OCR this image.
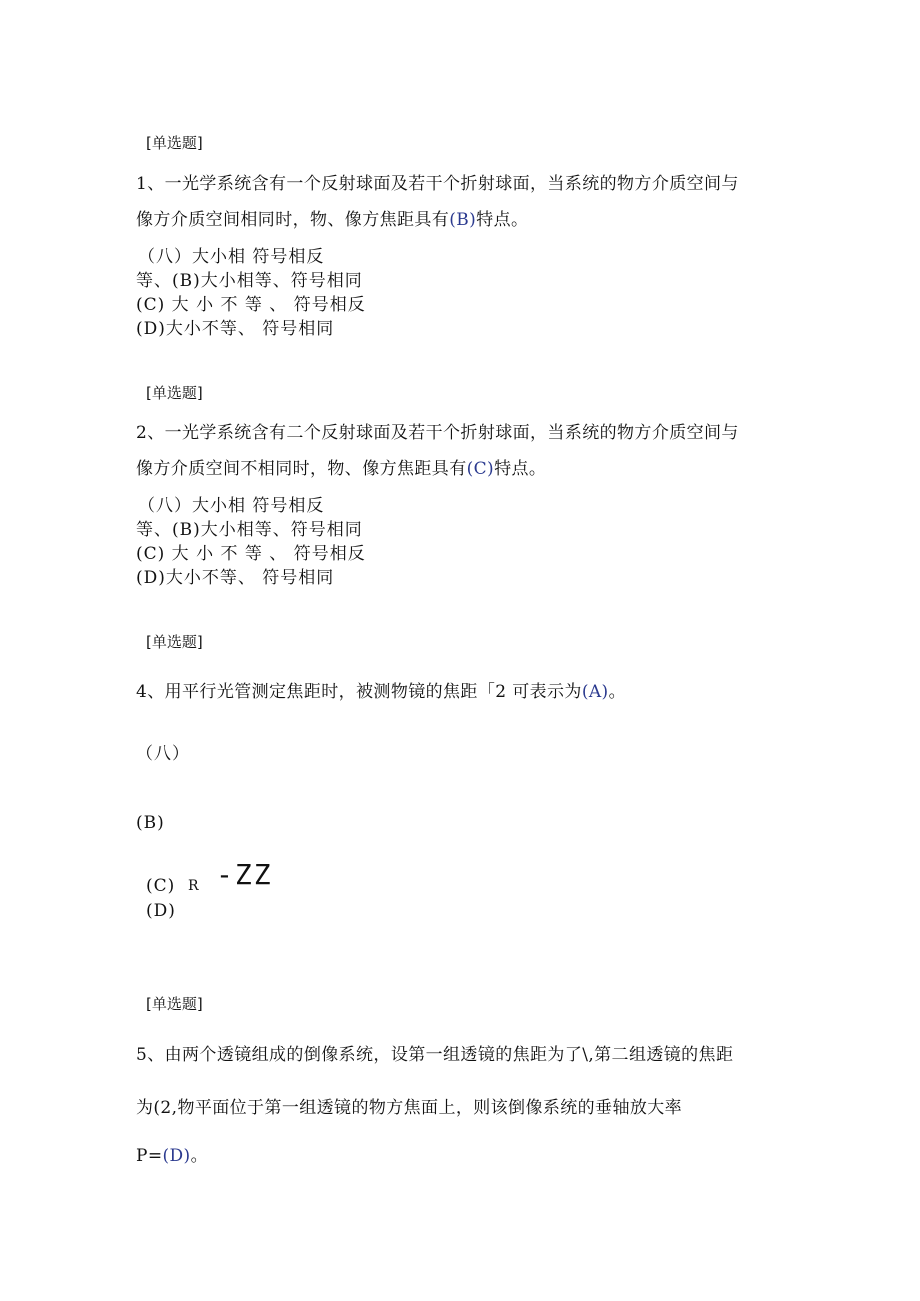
[单选题]
1、一光学系统含有一个反射球面及若干个折射球面，当系统的物方介质空间与
像方介质空间相同时，物、像方焦距具有(B)特点。
（八）大小相 符号相反
等、(B)大小相等、符号相同
(C) 大 小 不 等 、 符号相反
(D)大小不等、 符号相同
[单选题]
2、一光学系统含有二个反射球面及若干个折射球面，当系统的物方介质空间与
像方介质空间不相同时，物、像方焦距具有(C)特点。
（八）大小相 符号相反
等、(B)大小相等、符号相同
(C) 大 小 不 等 、 符号相反
(D)大小不等、 符号相同
[单选题]
4、用平行光管测定焦距时，被测物镜的焦距「2 可表示为(A)。
（八）
(B)
(C) R -ZZ
(D)
[单选题]
5、由两个透镜组成的倒像系统，设第一组透镜的焦距为了\,第二组透镜的焦距
为(2,物平面位于第一组透镜的物方焦面上，则该倒像系统的垂轴放大率
P=(D)。
